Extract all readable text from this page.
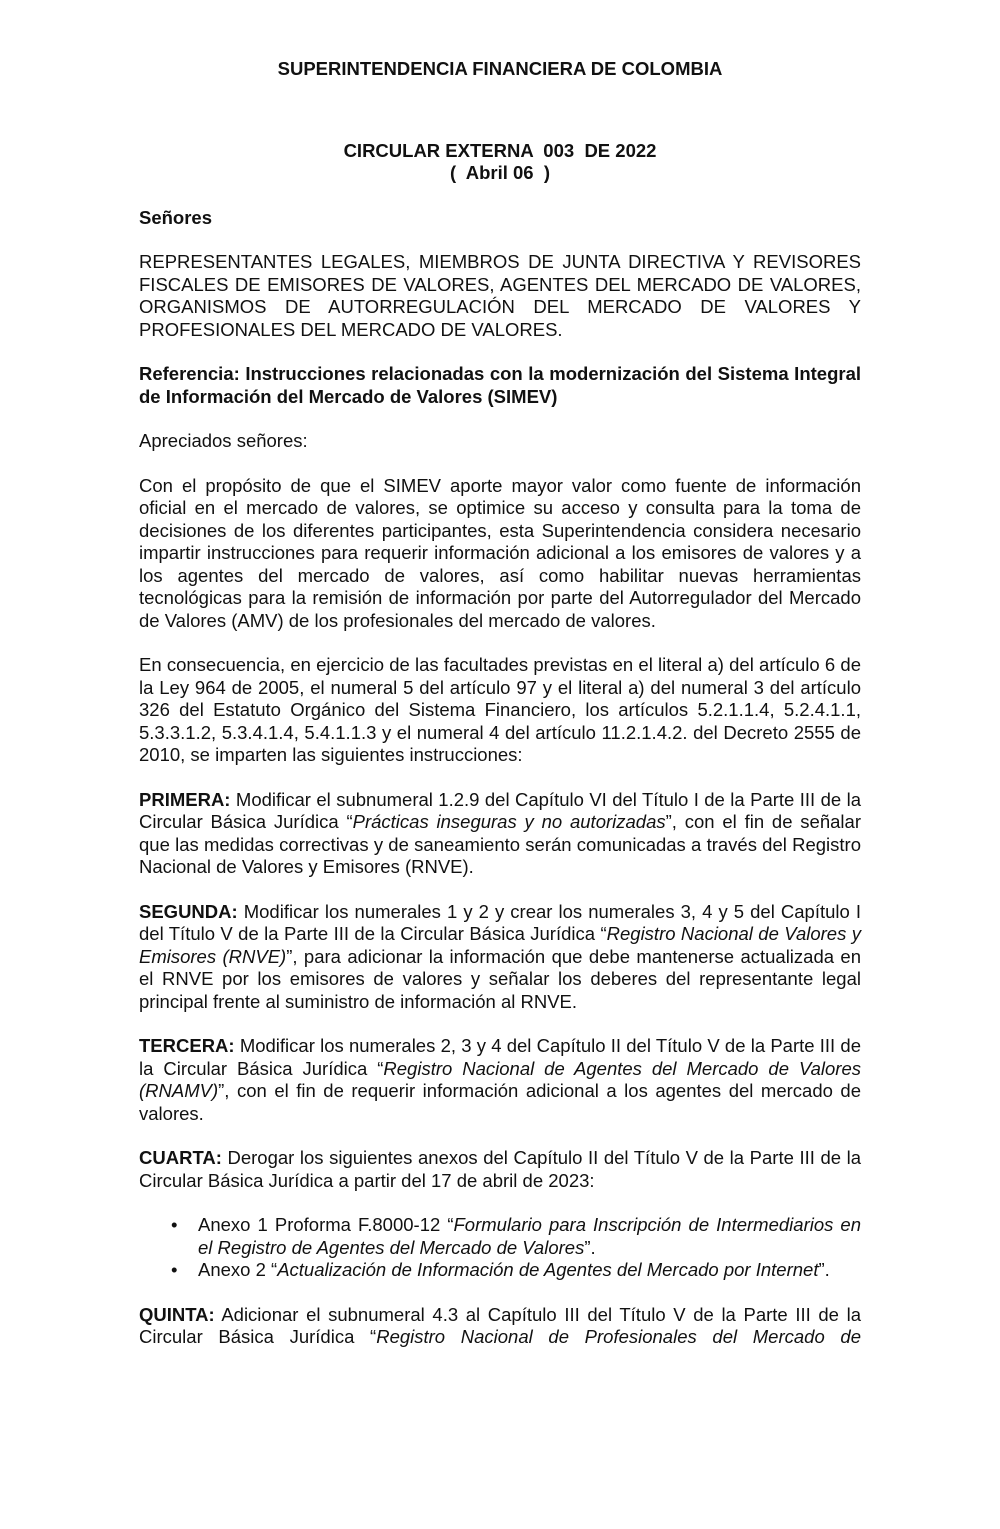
SUPERINTENDENCIA FINANCIERA DE COLOMBIA

CIRCULAR EXTERNA  003  DE 2022

(  Abril 06  )

Señores

REPRESENTANTES LEGALES, MIEMBROS DE JUNTA DIRECTIVA Y REVISORES FISCALES DE EMISORES DE VALORES, AGENTES DEL MERCADO DE VALORES, ORGANISMOS DE AUTORREGULACIÓN DEL MERCADO DE VALORES Y PROFESIONALES DEL MERCADO DE VALORES.

Referencia: Instrucciones relacionadas con la modernización del Sistema Integral de Información del Mercado de Valores (SIMEV)

Apreciados señores:

Con el propósito de que el SIMEV aporte mayor valor como fuente de información oficial en el mercado de valores, se optimice su acceso y consulta para la toma de decisiones de los diferentes participantes, esta Superintendencia considera necesario impartir instrucciones para requerir información adicional a los emisores de valores y a los agentes del mercado de valores, así como habilitar nuevas herramientas tecnológicas para la remisión de información por parte del Autorregulador del Mercado de Valores (AMV) de los profesionales del mercado de valores.

En consecuencia, en ejercicio de las facultades previstas en el literal a) del artículo 6 de la Ley 964 de 2005, el numeral 5 del artículo 97 y el literal a) del numeral 3 del artículo 326 del Estatuto Orgánico del Sistema Financiero, los artículos 5.2.1.1.4, 5.2.4.1.1, 5.3.3.1.2, 5.3.4.1.4, 5.4.1.1.3 y el numeral 4 del artículo 11.2.1.4.2. del Decreto 2555 de 2010, se imparten las siguientes instrucciones:

PRIMERA: Modificar el subnumeral 1.2.9 del Capítulo VI del Título I de la Parte III de la Circular Básica Jurídica “Prácticas inseguras y no autorizadas”, con el fin de señalar que las medidas correctivas y de saneamiento serán comunicadas a través del Registro Nacional de Valores y Emisores (RNVE).

SEGUNDA: Modificar los numerales 1 y 2 y crear los numerales 3, 4 y 5 del Capítulo I del Título V de la Parte III de la Circular Básica Jurídica “Registro Nacional de Valores y Emisores (RNVE)”, para adicionar la información que debe mantenerse actualizada en el RNVE por los emisores de valores y señalar los deberes del representante legal principal frente al suministro de información al RNVE.

TERCERA: Modificar los numerales 2, 3 y 4 del Capítulo II del Título V de la Parte III de la Circular Básica Jurídica “Registro Nacional de Agentes del Mercado de Valores (RNAMV)”, con el fin de requerir información adicional a los agentes del mercado de valores.

CUARTA: Derogar los siguientes anexos del Capítulo II del Título V de la Parte III de la Circular Básica Jurídica a partir del 17 de abril de 2023:

• Anexo 1 Proforma F.8000-12 “Formulario para Inscripción de Intermediarios en el Registro de Agentes del Mercado de Valores”.
• Anexo 2 “Actualización de Información de Agentes del Mercado por Internet”.

QUINTA: Adicionar el subnumeral 4.3 al Capítulo III del Título V de la Parte III de la Circular Básica Jurídica “Registro Nacional de Profesionales del Mercado de
